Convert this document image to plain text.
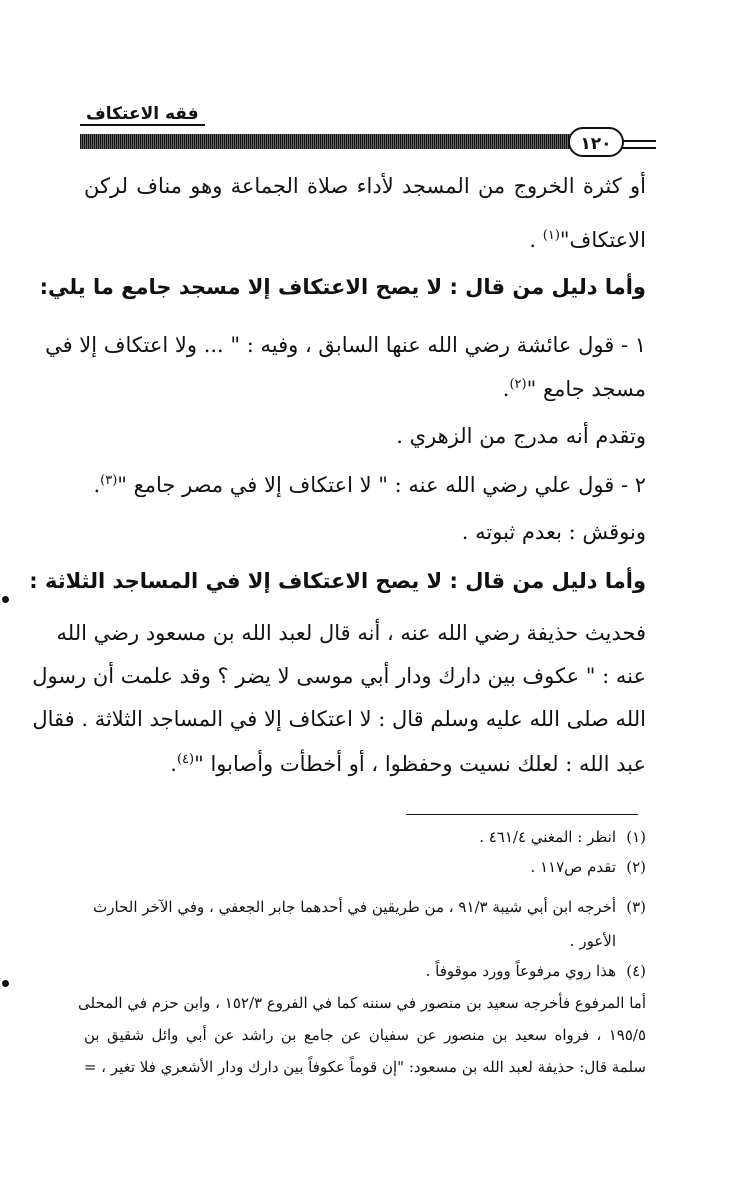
فقه الاعتكاف
١٢٠
أو كثرة الخروج من المسجد لأداء صلاة الجماعة وهو مناف لركن
الاعتكاف"$^{(١)}$ .
وأما دليل من قال : لا يصح الاعتكاف إلا مسجد جامع ما يلي:
١ - قول عائشة رضي الله عنها السابق ، وفيه : " ... ولا اعتكاف إلا في
مسجد جامع "$^{(٢)}$.
وتقدم أنه مدرج من الزهري .
٢ - قول علي رضي الله عنه : " لا اعتكاف إلا في مصر جامع "$^{(٣)}$.
ونوقش : بعدم ثبوته .
وأما دليل من قال : لا يصح الاعتكاف إلا في المساجد الثلاثة :
فحديث حذيفة رضي الله عنه ، أنه قال لعبد الله بن مسعود رضي الله
عنه : " عكوف بين دارك ودار أبي موسى لا يضر ؟ وقد علمت أن رسول
الله صلى الله عليه وسلم قال : لا اعتكاف إلا في المساجد الثلاثة . فقال
عبد الله : لعلك نسيت وحفظوا ، أو أخطأت وأصابوا "$^{(٤)}$.
(١)انظر : المغني ٤٦١/٤ .
(٢)تقدم ص١١٧ .
(٣)أخرجه ابن أبي شيبة ٩١/٣ ، من طريقين في أحدهما جابر الجعفي ، وفي الآخر الحارث
الأعور .
(٤)هذا روي مرفوعاً وورد موقوفاً .
أما المرفوع فأخرجه سعيد بن منصور في سننه كما في الفروع ١٥٢/٣ ، وابن حزم في المحلى
١٩٥/٥ ، فرواه سعيد بن منصور عن سفيان عن جامع بن راشد عن أبي وائل شقيق بن
سلمة قال: حذيفة لعبد الله بن مسعود: "إن قوماً عكوفاً بين دارك ودار الأشعري فلا تغير ، =
